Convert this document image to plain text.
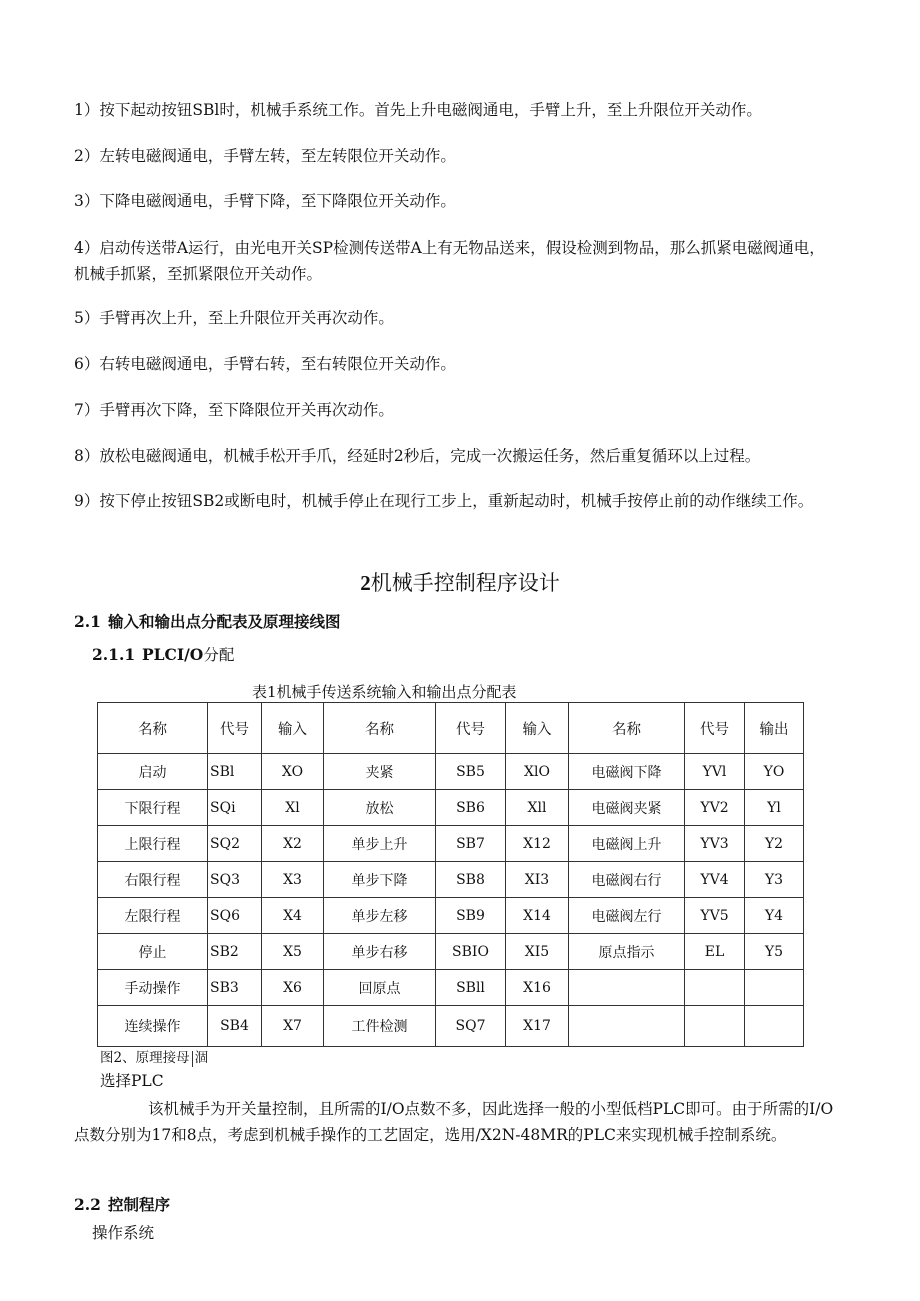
1）按下起动按钮SBl时，机械手系统工作。首先上升电磁阀通电，手臂上升，至上升限位开关动作。

2）左转电磁阀通电，手臂左转，至左转限位开关动作。

3）下降电磁阀通电，手臂下降，至下降限位开关动作。

4）启动传送带A运行，由光电开关SP检测传送带A上有无物品送来，假设检测到物品，那么抓紧电磁阀通电，机械手抓紧，至抓紧限位开关动作。

5）手臂再次上升，至上升限位开关再次动作。

6）右转电磁阀通电，手臂右转，至右转限位开关动作。

7）手臂再次下降，至下降限位开关再次动作。

8）放松电磁阀通电，机械手松开手爪，经延时2秒后，完成一次搬运任务，然后重复循环以上过程。

9）按下停止按钮SB2或断电时，机械手停止在现行工步上，重新起动时，机械手按停止前的动作继续工作。

2机械手控制程序设计

2.1 输入和输出点分配表及原理接线图

2.1.1 PLCI/O分配

表1机械手传送系统输入和输出点分配表

名称	代号	输入	名称	代号	输入	名称	代号	输出
启动	SBl	XO	夹紧	SB5	XlO	电磁阀下降	YVl	YO
下限行程	SQi	Xl	放松	SB6	Xll	电磁阀夹紧	YV2	Yl
上限行程	SQ2	X2	单步上升	SB7	X12	电磁阀上升	YV3	Y2
右限行程	SQ3	X3	单步下降	SB8	XI3	电磁阀右行	YV4	Y3
左限行程	SQ6	X4	单步左移	SB9	X14	电磁阀左行	YV5	Y4
停止	SB2	X5	单步右移	SBIO	XI5	原点指示	EL	Y5
手动操作	SB3	X6	回原点	SBll	X16			
连续操作	SB4	X7	工件检测	SQ7	X17			

图2、原理接母 涸

选择PLC

该机械手为开关量控制，且所需的I/O点数不多，因此选择一般的小型低档PLC即可。由于所需的I/O点数分别为17和8点，考虑到机械手操作的工艺固定，选用/X2N-48MR的PLC来实现机械手控制系统。

2.2 控制程序

操作系统
